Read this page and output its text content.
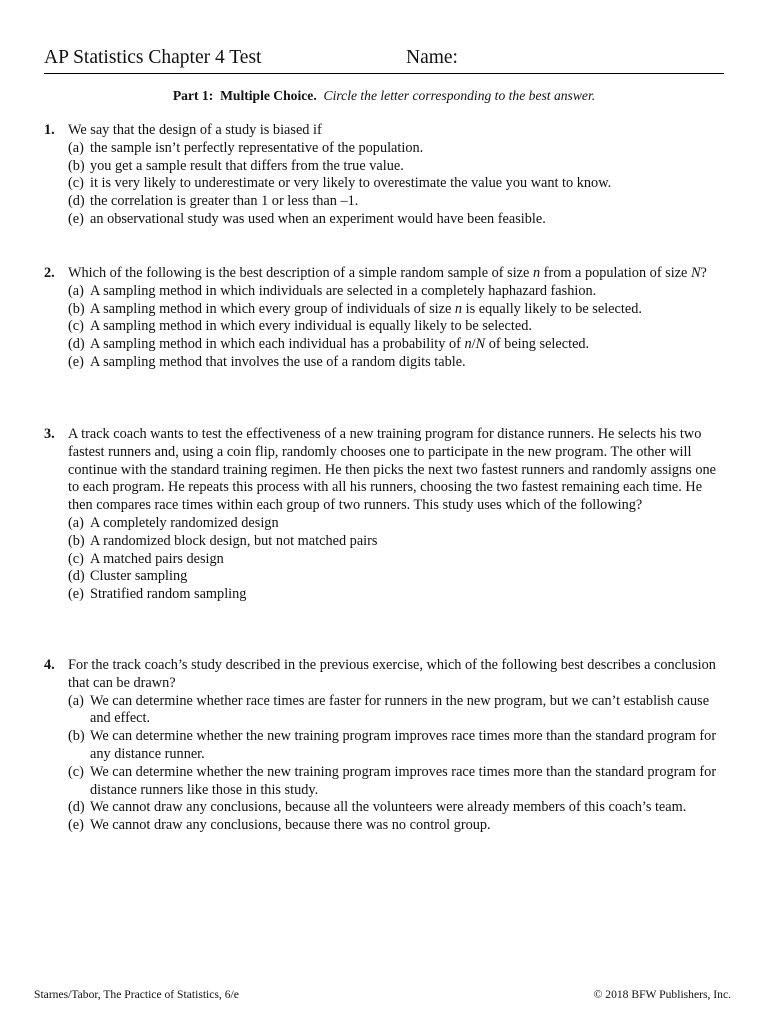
AP Statistics Chapter 4 Test	Name:
Part 1: Multiple Choice. Circle the letter corresponding to the best answer.
1. We say that the design of a study is biased if
(a) the sample isn’t perfectly representative of the population.
(b) you get a sample result that differs from the true value.
(c) it is very likely to underestimate or very likely to overestimate the value you want to know.
(d) the correlation is greater than 1 or less than –1.
(e) an observational study was used when an experiment would have been feasible.
2. Which of the following is the best description of a simple random sample of size n from a population of size N?
(a) A sampling method in which individuals are selected in a completely haphazard fashion.
(b) A sampling method in which every group of individuals of size n is equally likely to be selected.
(c) A sampling method in which every individual is equally likely to be selected.
(d) A sampling method in which each individual has a probability of n/N of being selected.
(e) A sampling method that involves the use of a random digits table.
3. A track coach wants to test the effectiveness of a new training program for distance runners. He selects his two fastest runners and, using a coin flip, randomly chooses one to participate in the new program. The other will continue with the standard training regimen. He then picks the next two fastest runners and randomly assigns one to each program. He repeats this process with all his runners, choosing the two fastest remaining each time. He then compares race times within each group of two runners. This study uses which of the following?
(a) A completely randomized design
(b) A randomized block design, but not matched pairs
(c) A matched pairs design
(d) Cluster sampling
(e) Stratified random sampling
4. For the track coach’s study described in the previous exercise, which of the following best describes a conclusion that can be drawn?
(a) We can determine whether race times are faster for runners in the new program, but we can’t establish cause and effect.
(b) We can determine whether the new training program improves race times more than the standard program for any distance runner.
(c) We can determine whether the new training program improves race times more than the standard program for distance runners like those in this study.
(d) We cannot draw any conclusions, because all the volunteers were already members of this coach’s team.
(e) We cannot draw any conclusions, because there was no control group.
Starnes/Tabor, The Practice of Statistics, 6/e	© 2018 BFW Publishers, Inc.
